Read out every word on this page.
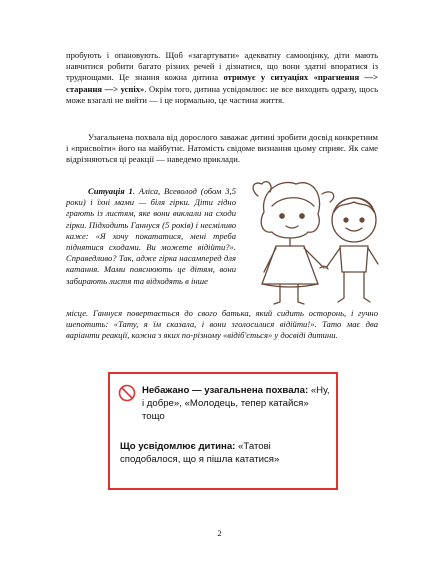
пробують і опановують. Щоб «загартувати» адекватну самооцінку, діти мають навчитися робити багато різних речей і дізнатися, що вони здатні впоратися із труднощами. Це знання кожна дитина отримує у ситуаціях «прагнення —> старання —> успіх». Окрім того, дитина усвідомлює: не все виходить одразу, щось може взагалі не вийти — і це нормально, це частина життя.

Узагальнена похвала від дорослого заважає дитині зробити досвід конкретним і «присвоїти» його на майбутнє. Натомість свідоме визнання цьому сприяє. Як саме відрізняються ці реакції — наведемо приклади.

Ситуація 1. Аліса, Всеволод (обом 3,5 роки) і їхні мами — біля гірки. Діти гідно грають із листям, яке вони виклали на сходи гірки. Підходить Ганнуся (5 років) і несміливо каже: «Я хочу покататися, мені треба піднятися сходами. Ви можете відійти?». Справедливо? Так, адже гірка насамперед для катання. Мами пояснюють це дітям, вони забирають листя та відходять в інше

місце. Ганнуся повертається до свого батька, який сидить осторонь, і гучно шепотить: «Тату, я їм сказала, і вони зголосилися відійти!». Тато має два варіанти реакції, кожна з яких по-різному «відіб'ється» у досвіді дитини.

Небажано — узагальнена похвала: «Ну, і добре», «Молодець, тепер катайся» тощо
Що усвідомлює дитина: «Татові сподобалося, що я пішла кататися»
2
